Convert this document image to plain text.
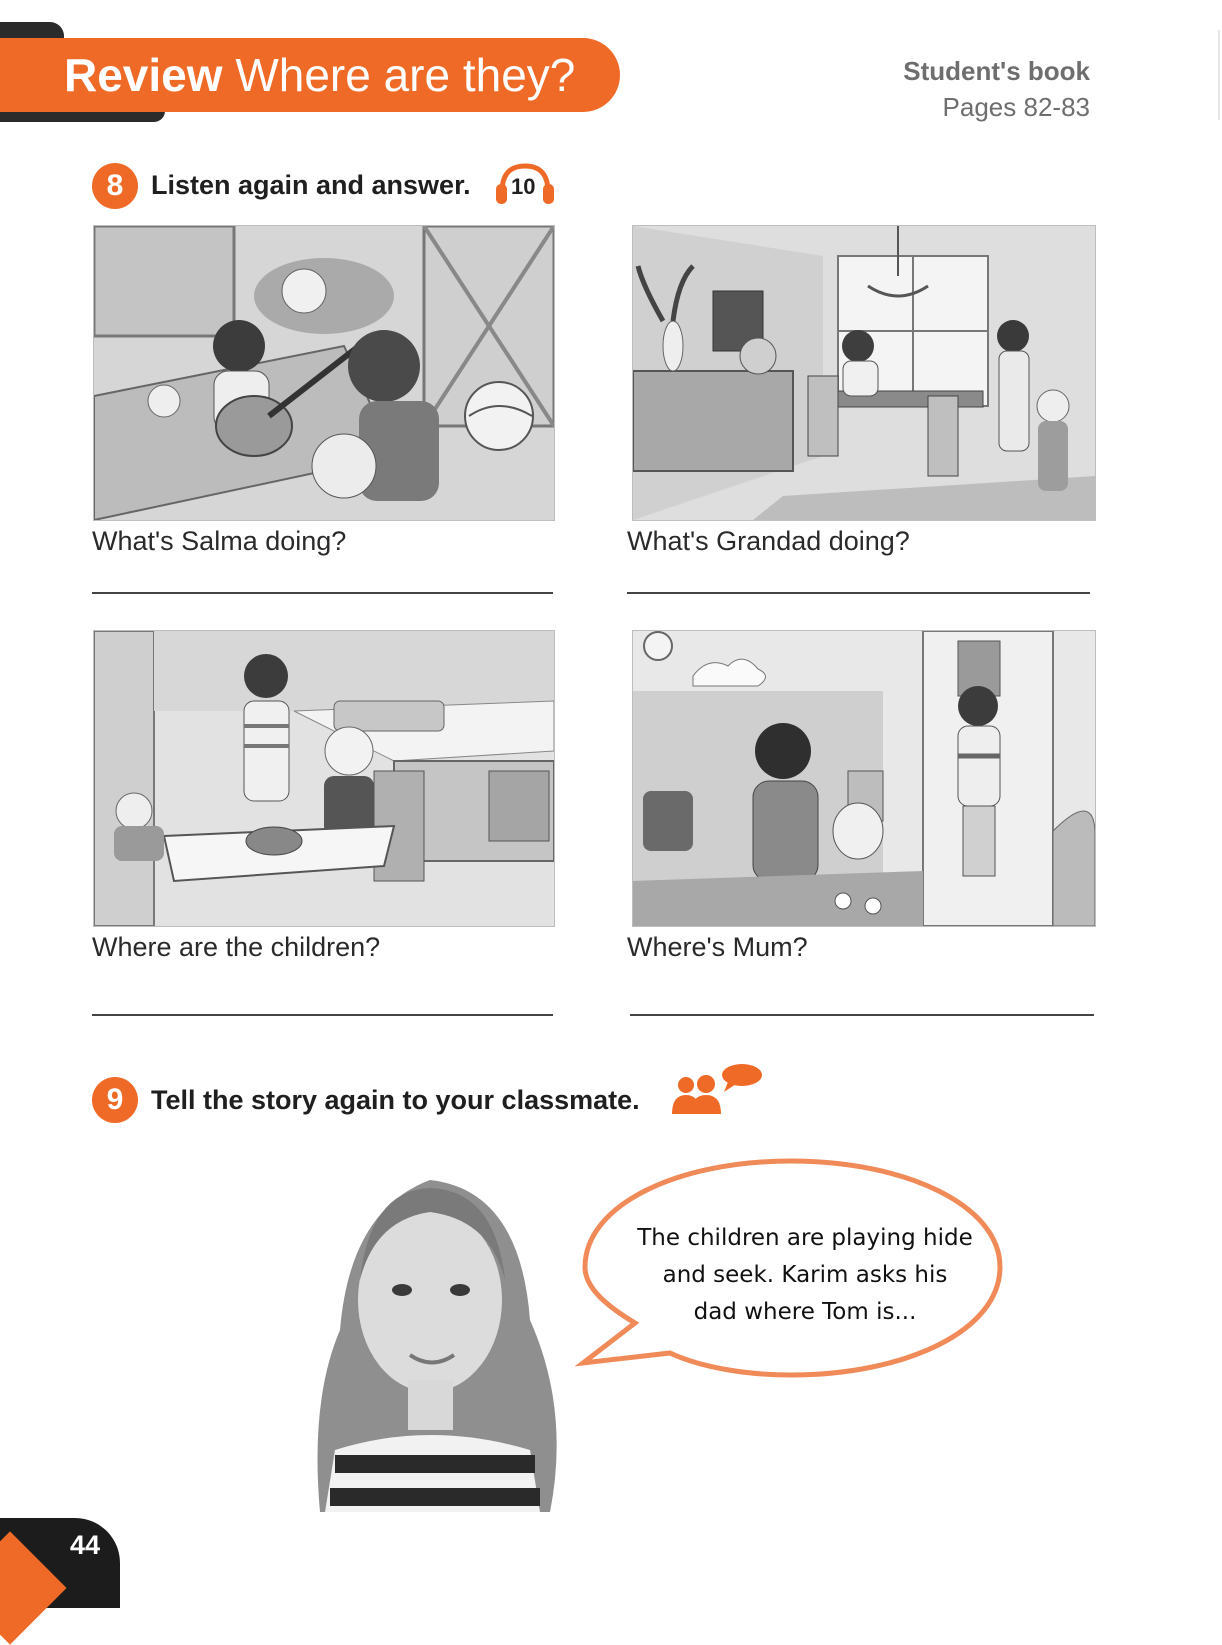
Review Where are they?	Student's book
Pages 82-83
8	Listen again and answer. 10
What's Salma doing?	What's Grandad doing?
Where are the children?	Where's Mum?
9	Tell the story again to your classmate.
The children are playing hide
and seek. Karim asks his
dad where Tom is...
44
